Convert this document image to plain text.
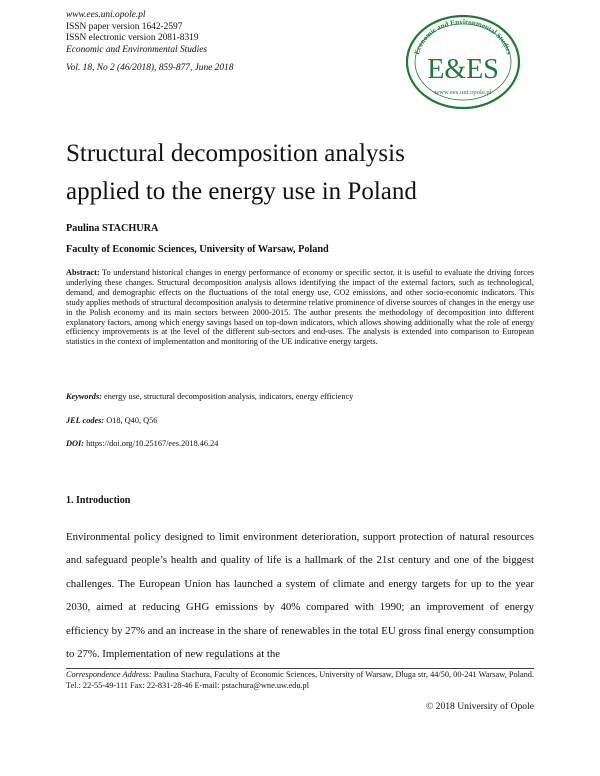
www.ees.uni.opole.pl
ISSN paper version 1642-2597
ISSN electronic version 2081-8319
Economic and Environmental Studies
Vol. 18, No 2 (46/2018), 859-877, June 2018
Economic and Environmental Studies
E&ES
www.ees.uni.opole.pl
Structural decomposition analysis
applied to the energy use in Poland
Paulina STACHURA
Faculty of Economic Sciences, University of Warsaw, Poland
Abstract: To understand historical changes in energy performance of economy or specific sector, it is useful to evaluate the driving forces underlying these changes. Structural decomposition analysis allows identifying the impact of the external factors, such as technological, demand, and demographic effects on the fluctuations of the total energy use, CO2 emissions, and other socio-economic indicators. This study applies methods of structural decomposition analysis to determine relative prominence of diverse sources of changes in the energy use in the Polish economy and its main sectors between 2000-2015. The author presents the methodology of decomposition into different explanatory factors, among which energy savings based on top-down indicators, which allows showing additionally what the role of energy efficiency improvements is at the level of the different sub-sectors and end-uses. The analysis is extended into comparison to European statistics in the context of implementation and monitoring of the UE indicative energy targets.
Keywords: energy use, structural decomposition analysis, indicators, energy efficiency
JEL codes: O18, Q40, Q56
DOI: https://doi.org/10.25167/ees.2018.46.24
1. Introduction
Environmental policy designed to limit environment deterioration, support protection of natural resources and safeguard people’s health and quality of life is a hallmark of the 21st century and one of the biggest challenges. The European Union has launched a system of climate and energy targets for up to the year 2030, aimed at reducing GHG emissions by 40% compared with 1990; an improvement of energy efficiency by 27% and an increase in the share of renewables in the total EU gross final energy consumption to 27%. Implementation of new regulations at the
Correspondence Address: Paulina Stachura, Faculty of Economic Sciences, University of Warsaw, Dluga str, 44/50, 00-241 Warsaw, Poland. Tel.: 22-55-49-111 Fax: 22-831-28-46 E-mail: pstachura@wne.uw.edu.pl
© 2018 University of Opole
